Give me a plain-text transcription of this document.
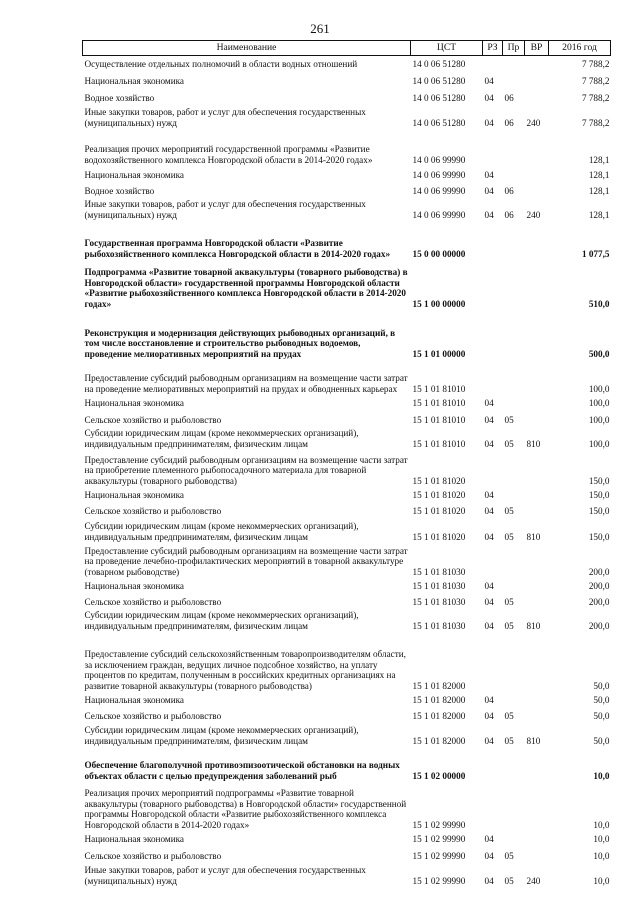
261
Наименование	ЦСТ	РЗ	Пр	ВР	2016 год
Осуществление отдельных полномочий в области водных отношений	14 0 06 51280				7 788,2
Национальная экономика	14 0 06 51280	04			7 788,2
Водное хозяйство	14 0 06 51280	04	06		7 788,2
Иные закупки товаров, работ и услуг для обеспечения государственных (муниципальных) нужд	14 0 06 51280	04	06	240	7 788,2
Реализация прочих мероприятий государственной программы «Развитие водохозяйственного комплекса Новгородской области в 2014-2020 годах»	14 0 06 99990				128,1
Национальная экономика	14 0 06 99990	04			128,1
Водное хозяйство	14 0 06 99990	04	06		128,1
Иные закупки товаров, работ и услуг для обеспечения государственных (муниципальных) нужд	14 0 06 99990	04	06	240	128,1
Государственная программа Новгородской области «Развитие рыбохозяйственного комплекса Новгородской области в 2014-2020 годах»	15 0 00 00000				1 077,5
Подпрограмма «Развитие товарной аквакультуры (товарного рыбоводства) в Новгородской области» государственной программы Новгородской области «Развитие рыбохозяйственного комплекса Новгородской области в 2014-2020 годах»	15 1 00 00000				510,0
Реконструкция и модернизация действующих рыбоводных организаций, в том числе восстановление и строительство рыбоводных водоемов, проведение мелиоративных мероприятий на прудах	15 1 01 00000				500,0
Предоставление субсидий рыбоводным организациям на возмещение части затрат на проведение мелиоративных мероприятий на прудах и обводненных карьерах	15 1 01 81010				100,0
Национальная экономика	15 1 01 81010	04			100,0
Сельское хозяйство и рыболовство	15 1 01 81010	04	05		100,0
Субсидии юридическим лицам (кроме некоммерческих организаций), индивидуальным предпринимателям, физическим лицам	15 1 01 81010	04	05	810	100,0
Предоставление субсидий рыбоводным организациям на возмещение части затрат на приобретение племенного рыбопосадочного материала для товарной аквакультуры (товарного рыбоводства)	15 1 01 81020				150,0
Национальная экономика	15 1 01 81020	04			150,0
Сельское хозяйство и рыболовство	15 1 01 81020	04	05		150,0
Субсидии юридическим лицам (кроме некоммерческих организаций), индивидуальным предпринимателям, физическим лицам	15 1 01 81020	04	05	810	150,0
Предоставление субсидий рыбоводным организациям на возмещение части затрат на проведение лечебно-профилактических мероприятий в товарной аквакультуре (товарном рыбоводстве)	15 1 01 81030				200,0
Национальная экономика	15 1 01 81030	04			200,0
Сельское хозяйство и рыболовство	15 1 01 81030	04	05		200,0
Субсидии юридическим лицам (кроме некоммерческих организаций), индивидуальным предпринимателям, физическим лицам	15 1 01 81030	04	05	810	200,0
Предоставление субсидий сельскохозяйственным товаропроизводителям области, за исключением граждан, ведущих личное подсобное хозяйство, на уплату процентов по кредитам, полученным в российских кредитных организациях на развитие товарной аквакультуры (товарного рыбоводства)	15 1 01 82000				50,0
Национальная экономика	15 1 01 82000	04			50,0
Сельское хозяйство и рыболовство	15 1 01 82000	04	05		50,0
Субсидии юридическим лицам (кроме некоммерческих организаций), индивидуальным предпринимателям, физическим лицам	15 1 01 82000	04	05	810	50,0
Обеспечение благополучной противоэпизоотической обстановки на водных объектах области с целью предупреждения заболеваний рыб	15 1 02 00000				10,0
Реализация прочих мероприятий подпрограммы «Развитие товарной аквакультуры (товарного рыбоводства) в Новгородской области» государственной программы Новгородской области «Развитие рыбохозяйственного комплекса Новгородской области в 2014-2020 годах»	15 1 02 99990				10,0
Национальная экономика	15 1 02 99990	04			10,0
Сельское хозяйство и рыболовство	15 1 02 99990	04	05		10,0
Иные закупки товаров, работ и услуг для обеспечения государственных (муниципальных) нужд	15 1 02 99990	04	05	240	10,0
